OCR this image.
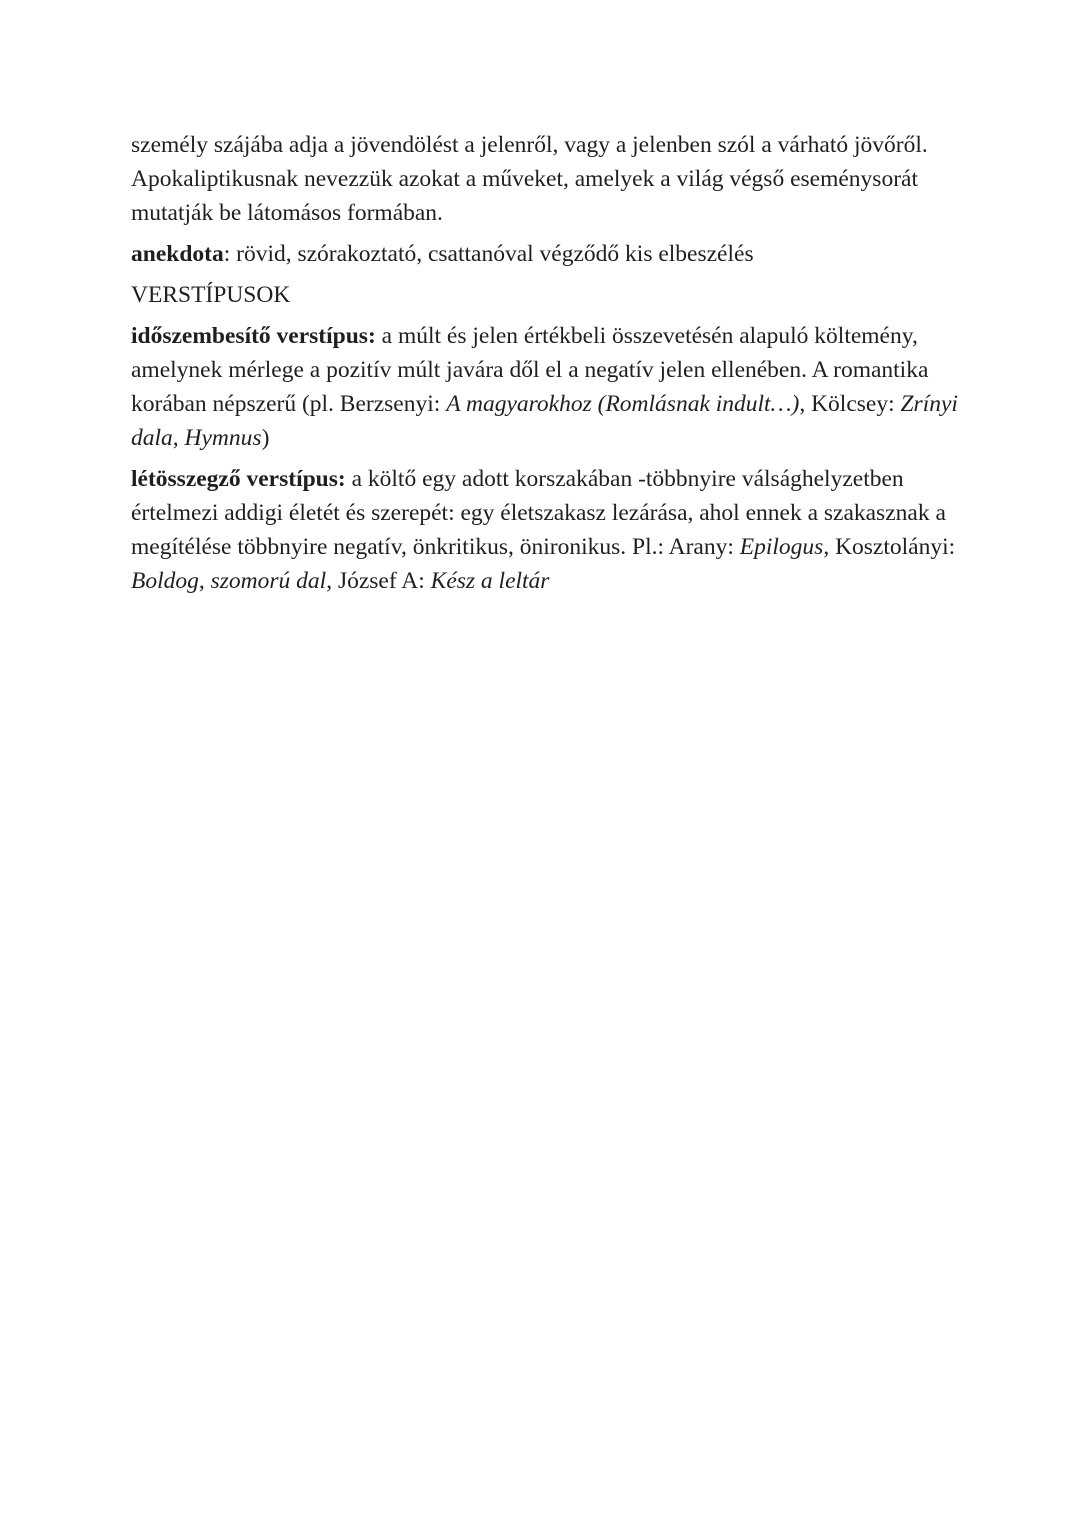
személy szájába adja a jövendölést a jelenről, vagy a jelenben szól a várható jövőről. Apokaliptikusnak nevezzük azokat a műveket, amelyek a világ végső eseménysorát mutatják be látomásos formában.

anekdota: rövid, szórakoztató, csattanóval végződő kis elbeszélés

VERSTÍPUSOK

időszembesítő verstípus: a múlt és jelen értékbeli összevetésén alapuló költemény, amelynek mérlege a pozitív múlt javára dől el a negatív jelen ellenében. A romantika korában népszerű (pl. Berzsenyi: A magyarokhoz (Romlásnak indult…), Kölcsey: Zrínyi dala, Hymnus)

létösszegző verstípus: a költő egy adott korszakában -többnyire válsághelyzetben értelmezi addigi életét és szerepét: egy életszakasz lezárása, ahol ennek a szakasznak a megítélése többnyire negatív, önkritikus, önironikus. Pl.: Arany: Epilogus, Kosztolányi: Boldog, szomorú dal, József A: Kész a leltár
